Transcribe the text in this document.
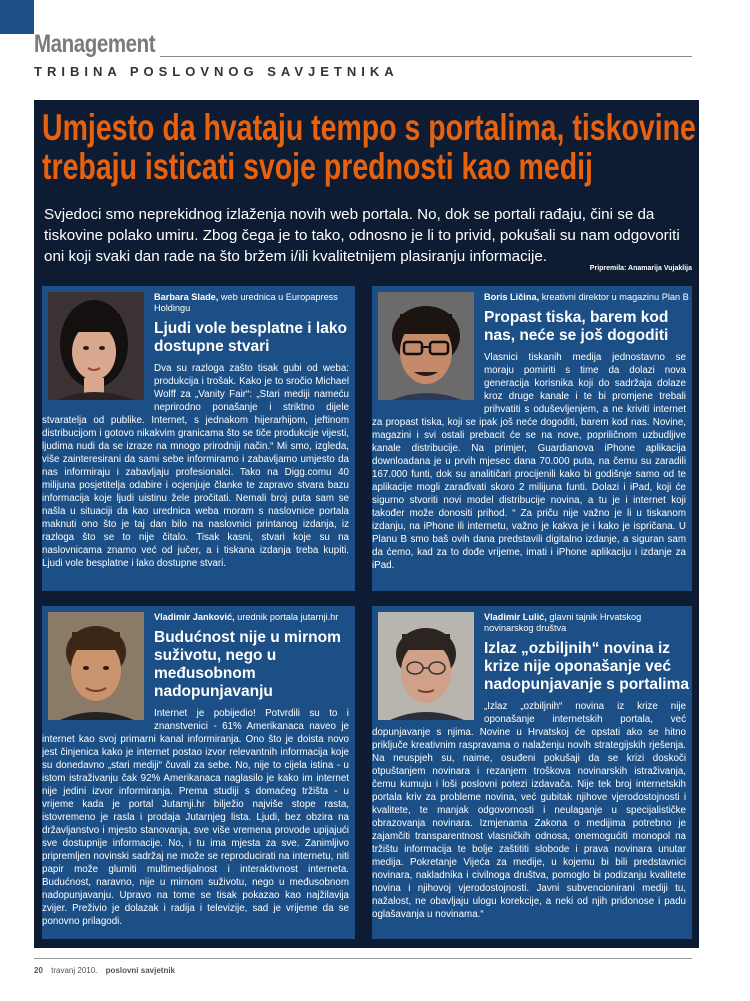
Management
TRIBINA POSLOVNOG SAVJETNIKA
Umjesto da hvataju tempo s portalima, tiskovine
trebaju isticati svoje prednosti kao medij
Svjedoci smo neprekidnog izlaženja novih web portala. No, dok se portali rađaju, čini se da tiskovine polako umiru. Zbog čega je to tako, odnosno je li to privid, pokušali su nam odgovoriti oni koji svaki dan rade na što bržem i/ili kvalitetnijem plasiranju informacije.
Pripremila: Anamarija Vujaklija
Barbara Slade, web urednica u Europapress Holdingu
Ljudi vole besplatne i lako dostupne stvari

Dva su razloga zašto tisak gubi od weba: produkcija i trošak. Kako je to sročio Michael Wolff za „Vanity Fair“: „Stari mediji nameću neprirodno ponašanje i striktno dijele stvaratelja od publike. Internet, s jednakom hijerarhijom, jeftinom distribucijom i gotovo nikakvim granicama što se tiče produkcije vijesti, ljudima nudi da se izraze na mnogo prirodniji način.“ Mi smo, izgleda, više zainteresirani da sami sebe informiramo i zabavljamo umjesto da nas informiraju i zabavljaju profesionalci. Tako na Digg.comu 40 milijuna posjetitelja odabire i ocjenjuje članke te zapravo stvara bazu informacija koje ljudi uistinu žele pročitati. Nemali broj puta sam se našla u situaciji da kao urednica weba moram s naslovnice portala maknuti ono što je taj dan bilo na naslovnici printanog izdanja, iz razloga što se to nije čitalo. Tisak kasni, stvari koje su na naslovnicama znamo već od jučer, a i tiskana izdanja treba kupiti. Ljudi vole besplatne i lako dostupne stvari.

Boris Ličina, kreativni direktor u magazinu Plan B
Propast tiska, barem kod nas, neće se još dogoditi

Vlasnici tiskanih medija jednostavno se moraju pomiriti s time da dolazi nova generacija korisnika koji do sadržaja dolaze kroz druge kanale i te bi promjene trebali prihvatiti s oduševljenjem, a ne kriviti internet za propast tiska, koji se ipak još neće dogoditi, barem kod nas. Novine, magazini i svi ostali prebacit će se na nove, popriličnom uzbudljive kanale distribucije. Na primjer, Guardianova iPhone aplikacija downloadana je u prvih mjesec dana 70.000 puta, na čemu su zaradili 167.000 funti, dok su analitičari procijenili kako bi godišnje samo od te aplikacije mogli zarađivati skoro 2 milijuna funti. Dolazi i iPad, koji će sigurno stvoriti novi model distribucije novina, a tu je i internet koji također može donositi prihod. “ Za priču nije važno je li u tiskanom izdanju, na iPhone ili internetu, važno je kakva je i kako je ispričana. U Planu B smo baš ovih dana predstavili digitalno izdanje, a siguran sam da ćemo, kad za to dođe vrijeme, imati i iPhone aplikaciju i izdanje za iPad.

Vladimir Janković, urednik portala jutarnji.hr
Budućnost nije u mirnom suživotu, nego u međusobnom nadopunjavanju

Internet je pobijedio! Potvrdili su to i znanstvenici - 61% Amerikanaca naveo je internet kao svoj primarni kanal informiranja. Ono što je doista novo jest činjenica kako je internet postao izvor relevantnih informacija koje su donedavno „stari mediji“ čuvali za sebe. No, nije to cijela istina - u istom istraživanju čak 92% Amerikanaca naglasilo je kako im internet nije jedini izvor informiranja. Prema studiji s domaćeg tržišta - u vrijeme kada je portal Jutarnji.hr bilježio najviše stope rasta, istovremeno je rasla i prodaja Jutarnjeg lista. Ljudi, bez obzira na državljanstvo i mjesto stanovanja, sve više vremena provode upijajući sve dostupnije informacije. No, i tu ima mjesta za sve. Zanimljivo pripremljen novinski sadržaj ne može se reproducirati na internetu, niti papir može glumiti multimedijalnost i interaktivnost interneta. Budućnost, naravno, nije u mirnom suživotu, nego u međusobnom nadopunjavanju. Upravo na tome se tisak pokazao kao najžilavija zvijer. Preživio je dolazak i radija i televizije, sad je vrijeme da se ponovno prilagodi.

Vladimir Lulić, glavni tajnik Hrvatskog novinarskog društva
Izlaz „ozbiljnih“ novina iz krize nije oponašanje već nadopunjavanje s portalima

„Izlaz „ozbiljnih“ novina iz krize nije oponašanje internetskih portala, već dopunjavanje s njima. Novine u Hrvatskoj će opstati ako se hitno priključe kreativnim raspravama o nalaženju novih strategijskih rješenja. Na neuspjeh su, naime, osuđeni pokušaji da se krizi doskoči otpuštanjem novinara i rezanjem troškova novinarskih istraživanja, čemu kumuju i loši poslovni potezi izdavača. Nije tek broj internetskih portala kriv za probleme novina, već gubitak njihove vjerodostojnosti i kvalitete, te manjak odgovornosti i neulaganje u specijalističke obrazovanja novinara. Izmjenama Zakona o medijima potrebno je zajamčiti transparentnost vlasničkih odnosa, onemogućiti monopol na tržištu informacija te bolje zaštititi slobode i prava novinara unutar medija. Pokretanje Vijeća za medije, u kojemu bi bili predstavnici novinara, nakladnika i civilnoga društva, pomoglo bi podizanju kvalitete novina i njihovoj vjerodostojnosti. Javni subvencionirani mediji tu, nažalost, ne obavljaju ulogu korekcije, a neki od njih pridonose i padu oglašavanja u novinama.“

20 travanj 2010. poslovni savjetnik
